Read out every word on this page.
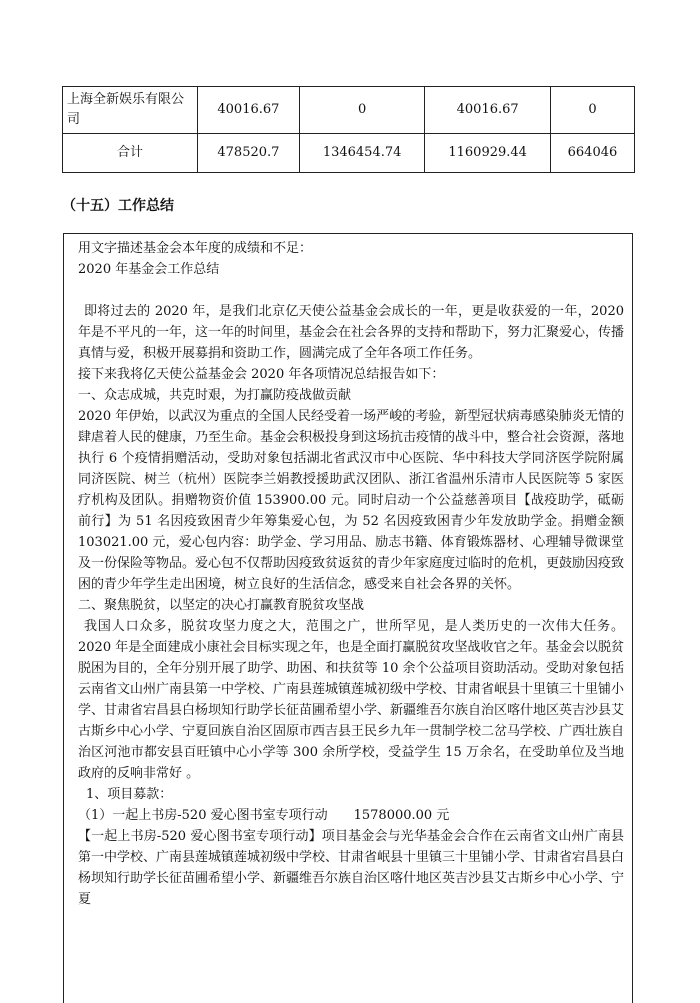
上海全新娱乐有限公司	40016.67	0	40016.67	0
合计	478520.7	1346454.74	1160929.44	664046
（十五）工作总结

用文字描述基金会本年度的成绩和不足：

2020 年基金会工作总结

即将过去的 2020 年，是我们北京亿天使公益基金会成长的一年，更是收获爱的一年，2020 年是不平凡的一年，这一年的时间里，基金会在社会各界的支持和帮助下，努力汇聚爱心，传播真情与爱，积极开展募捐和资助工作，圆满完成了全年各项工作任务。

接下来我将亿天使公益基金会 2020 年各项情况总结报告如下：

一、众志成城，共克时艰，为打赢防疫战做贡献

2020 年伊始，以武汉为重点的全国人民经受着一场严峻的考验，新型冠状病毒感染肺炎无情的肆虐着人民的健康，乃至生命。基金会积极投身到这场抗击疫情的战斗中，整合社会资源，落地执行 6 个疫情捐赠活动，受助对象包括湖北省武汉市中心医院、华中科技大学同济医学院附属同济医院、树兰（杭州）医院李兰娟教授援助武汉团队、浙江省温州乐清市人民医院等 5 家医疗机构及团队。捐赠物资价值 153900.00 元。同时启动一个公益慈善项目【战疫助学，砥砺前行】为 51 名因疫致困青少年筹集爱心包，为 52 名因疫致困青少年发放助学金。捐赠金额 103021.00 元，爱心包内容：助学金、学习用品、励志书籍、体育锻炼器材、心理辅导微课堂及一份保险等物品。爱心包不仅帮助因疫致贫返贫的青少年家庭度过临时的危机，更鼓励因疫致困的青少年学生走出困境，树立良好的生活信念，感受来自社会各界的关怀。

二、聚焦脱贫，以坚定的决心打赢教育脱贫攻坚战

我国人口众多，脱贫攻坚力度之大，范围之广，世所罕见，是人类历史的一次伟大任务。2020 年是全面建成小康社会目标实现之年，也是全面打赢脱贫攻坚战收官之年。基金会以脱贫脱困为目的，全年分别开展了助学、助困、和扶贫等 10 余个公益项目资助活动。受助对象包括云南省文山州广南县第一中学校、广南县莲城镇莲城初级中学校、甘肃省岷县十里镇三十里铺小学、甘肃省宕昌县白杨坝知行助学长征苗圃希望小学、新疆维吾尔族自治区喀什地区英吉沙县艾古斯乡中心小学、宁夏回族自治区固原市西吉县王民乡九年一贯制学校二岔马学校、广西壮族自治区河池市都安县百旺镇中心小学等 300 余所学校，受益学生 15 万余名，在受助单位及当地政府的反响非常好 。

1、项目募款：

（1）一起上书房-520 爱心图书室专项行动 1578000.00 元

【一起上书房-520 爱心图书室专项行动】项目基金会与光华基金会合作在云南省文山州广南县第一中学校、广南县莲城镇莲城初级中学校、甘肃省岷县十里镇三十里铺小学、甘肃省宕昌县白杨坝知行助学长征苗圃希望小学、新疆维吾尔族自治区喀什地区英吉沙县艾古斯乡中心小学、宁夏
